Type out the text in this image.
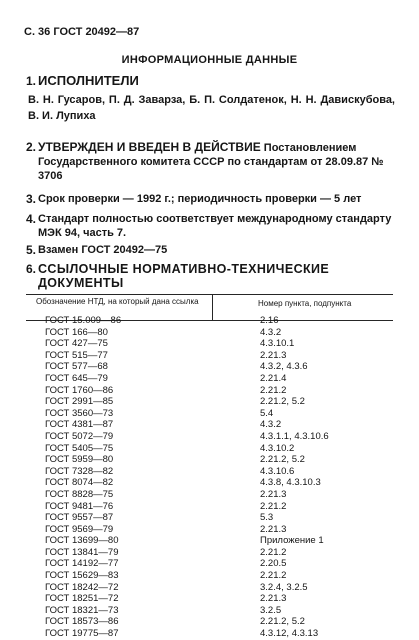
С. 36 ГОСТ 20492—87
ИНФОРМАЦИОННЫЕ ДАННЫЕ
1. ИСПОЛНИТЕЛИ
В. Н. Гусаров, П. Д. Заварза, Б. П. Солдатенок, Н. Н. Давискубова, В. И. Лупиха
2. УТВЕРЖДЕН И ВВЕДЕН В ДЕЙСТВИЕ Постановлением Государственного комитета СССР по стандартам от 28.09.87 № 3706
3. Срок проверки — 1992 г.; периодичность проверки — 5 лет
4. Стандарт полностью соответствует международному стандарту МЭК 94, часть 7.
5. Взамен ГОСТ 20492—75
6. ССЫЛОЧНЫЕ НОРМАТИВНО-ТЕХНИЧЕСКИЕ ДОКУМЕНТЫ
Обозначение НТД, на который дана ссылка	Номер пункта, подпункта
ГОСТ 15.009—86	2.16
ГОСТ 166—80	4.3.2
ГОСТ 427—75	4.3.10.1
ГОСТ 515—77	2.21.3
ГОСТ 577—68	4.3.2, 4.3.6
ГОСТ 645—79	2.21.4
ГОСТ 1760—86	2.21.2
ГОСТ 2991—85	2.21.2, 5.2
ГОСТ 3560—73	5.4
ГОСТ 4381—87	4.3.2
ГОСТ 5072—79	4.3.1.1, 4.3.10.6
ГОСТ 5405—75	4.3.10.2
ГОСТ 5959—80	2.21.2, 5.2
ГОСТ 7328—82	4.3.10.6
ГОСТ 8074—82	4.3.8, 4.3.10.3
ГОСТ 8828—75	2.21.3
ГОСТ 9481—76	2.21.2
ГОСТ 9557—87	5.3
ГОСТ 9569—79	2.21.3
ГОСТ 13699—80	Приложение 1
ГОСТ 13841—79	2.21.2
ГОСТ 14192—77	2.20.5
ГОСТ 15629—83	2.21.2
ГОСТ 18242—72	3.2.4, 3.2.5
ГОСТ 18251—72	2.21.3
ГОСТ 18321—73	3.2.5
ГОСТ 18573—86	2.21.2, 5.2
ГОСТ 19775—87	4.3.12, 4.3.13
